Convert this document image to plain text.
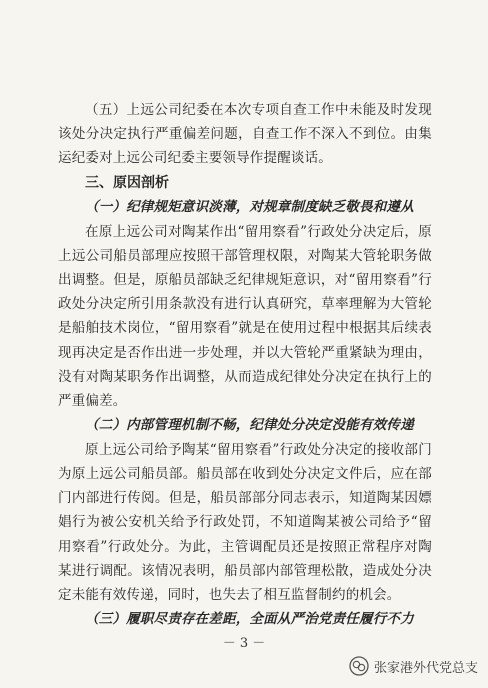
（五）上远公司纪委在本次专项自查工作中未能及时发现该处分决定执行严重偏差问题，自查工作不深入不到位。由集运纪委对上远公司纪委主要领导作提醒谈话。

三、原因剖析
（一）纪律规矩意识淡薄，对规章制度缺乏敬畏和遵从

在原上远公司对陶某作出“留用察看”行政处分决定后，原上远公司船员部理应按照干部管理权限，对陶某大管轮职务做出调整。但是，原船员部缺乏纪律规矩意识，对“留用察看”行政处分决定所引用条款没有进行认真研究，草率理解为大管轮是船舶技术岗位，“留用察看”就是在使用过程中根据其后续表现再决定是否作出进一步处理，并以大管轮严重紧缺为理由，没有对陶某职务作出调整，从而造成纪律处分决定在执行上的严重偏差。

（二）内部管理机制不畅，纪律处分决定没能有效传递

原上远公司给予陶某“留用察看”行政处分决定的接收部门为原上远公司船员部。船员部在收到处分决定文件后，应在部门内部进行传阅。但是，船员部部分同志表示，知道陶某因嫖娼行为被公安机关给予行政处罚，不知道陶某被公司给予“留用察看”行政处分。为此，主管调配员还是按照正常程序对陶某进行调配。该情况表明，船员部内部管理松散，造成处分决定未能有效传递，同时，也失去了相互监督制约的机会。

（三）履职尽责存在差距，全面从严治党责任履行不力
－ 3 －
张家港外代党总支
